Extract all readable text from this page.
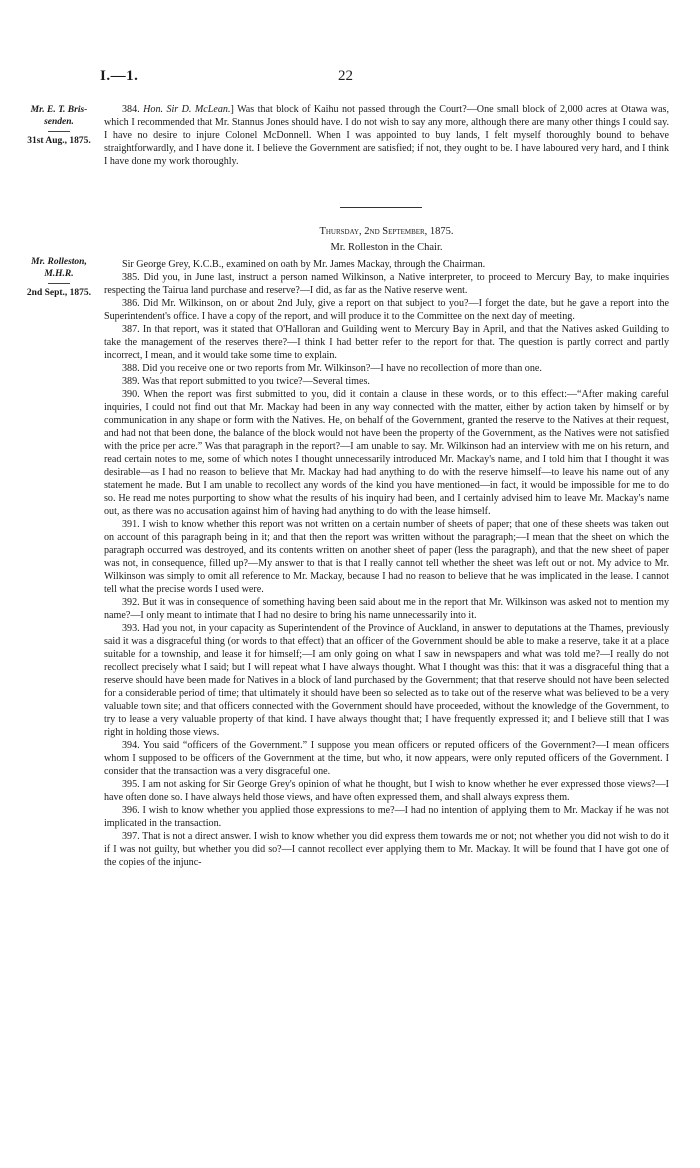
I.—1.	22
Mr. E. T. Bris-senden.
31st Aug., 1875.

384. Hon. Sir D. McLean.] Was that block of Kaihu not passed through the Court?—One small block of 2,000 acres at Otawa was, which I recommended that Mr. Stannus Jones should have. I do not wish to say any more, although there are many other things I could say. I have no desire to injure Colonel McDonnell. When I was appointed to buy lands, I felt myself thoroughly bound to behave straightforwardly, and I have done it. I believe the Government are satisfied; if not, they ought to be. I have laboured very hard, and I think I have done my work thoroughly.

Thursday, 2nd September, 1875.
Mr. Rolleston in the Chair.
Mr. Rolleston, M.H.R.
2nd Sept., 1875.

Sir George Grey, K.C.B., examined on oath by Mr. James Mackay, through the Chairman.

385. Did you, in June last, instruct a person named Wilkinson, a Native interpreter, to proceed to Mercury Bay, to make inquiries respecting the Tairua land purchase and reserve?—I did, as far as the Native reserve went.

386. Did Mr. Wilkinson, on or about 2nd July, give a report on that subject to you?—I forget the date, but he gave a report into the Superintendent's office. I have a copy of the report, and will produce it to the Committee on the next day of meeting.

387. In that report, was it stated that O'Halloran and Guilding went to Mercury Bay in April, and that the Natives asked Guilding to take the management of the reserves there?—I think I had better refer to the report for that. The question is partly correct and partly incorrect, I mean, and it would take some time to explain.

388. Did you receive one or two reports from Mr. Wilkinson?—I have no recollection of more than one.

389. Was that report submitted to you twice?—Several times.

390. When the report was first submitted to you, did it contain a clause in these words, or to this effect:—“After making careful inquiries, I could not find out that Mr. Mackay had been in any way connected with the matter, either by action taken by himself or by communication in any shape or form with the Natives. He, on behalf of the Government, granted the reserve to the Natives at their request, and had not that been done, the balance of the block would not have been the property of the Government, as the Natives were not satisfied with the price per acre.” Was that paragraph in the report?—I am unable to say. Mr. Wilkinson had an interview with me on his return, and read certain notes to me, some of which notes I thought unnecessarily introduced Mr. Mackay's name, and I told him that I thought it was desirable—as I had no reason to believe that Mr. Mackay had had anything to do with the reserve himself—to leave his name out of any statement he made. But I am unable to recollect any words of the kind you have mentioned—in fact, it would be impossible for me to do so. He read me notes purporting to show what the results of his inquiry had been, and I certainly advised him to leave Mr. Mackay's name out, as there was no accusation against him of having had anything to do with the lease himself.

391. I wish to know whether this report was not written on a certain number of sheets of paper; that one of these sheets was taken out on account of this paragraph being in it; and that then the report was written without the paragraph;—I mean that the sheet on which the paragraph occurred was destroyed, and its contents written on another sheet of paper (less the paragraph), and that the new sheet of paper was not, in consequence, filled up?—My answer to that is that I really cannot tell whether the sheet was left out or not. My advice to Mr. Wilkinson was simply to omit all reference to Mr. Mackay, because I had no reason to believe that he was implicated in the lease. I cannot tell what the precise words I used were.

392. But it was in consequence of something having been said about me in the report that Mr. Wilkinson was asked not to mention my name?—I only meant to intimate that I had no desire to bring his name unnecessarily into it.

393. Had you not, in your capacity as Superintendent of the Province of Auckland, in answer to deputations at the Thames, previously said it was a disgraceful thing (or words to that effect) that an officer of the Government should be able to make a reserve, take it at a place suitable for a township, and lease it for himself;—I am only going on what I saw in newspapers and what was told me?—I really do not recollect precisely what I said; but I will repeat what I have always thought. What I thought was this: that it was a disgraceful thing that a reserve should have been made for Natives in a block of land purchased by the Government; that that reserve should not have been selected for a considerable period of time; that ultimately it should have been so selected as to take out of the reserve what was believed to be a very valuable town site; and that officers connected with the Government should have proceeded, without the knowledge of the Government, to try to lease a very valuable property of that kind. I have always thought that; I have frequently expressed it; and I believe still that I was right in holding those views.

394. You said “officers of the Government.” I suppose you mean officers or reputed officers of the Government?—I mean officers whom I supposed to be officers of the Government at the time, but who, it now appears, were only reputed officers of the Government. I consider that the transaction was a very disgraceful one.

395. I am not asking for Sir George Grey's opinion of what he thought, but I wish to know whether he ever expressed those views?—I have often done so. I have always held those views, and have often expressed them, and shall always express them.

396. I wish to know whether you applied those expressions to me?—I had no intention of applying them to Mr. Mackay if he was not implicated in the transaction.

397. That is not a direct answer. I wish to know whether you did express them towards me or not; not whether you did not wish to do it if I was not guilty, but whether you did so?—I cannot recollect ever applying them to Mr. Mackay. It will be found that I have got one of the copies of the injunc-
